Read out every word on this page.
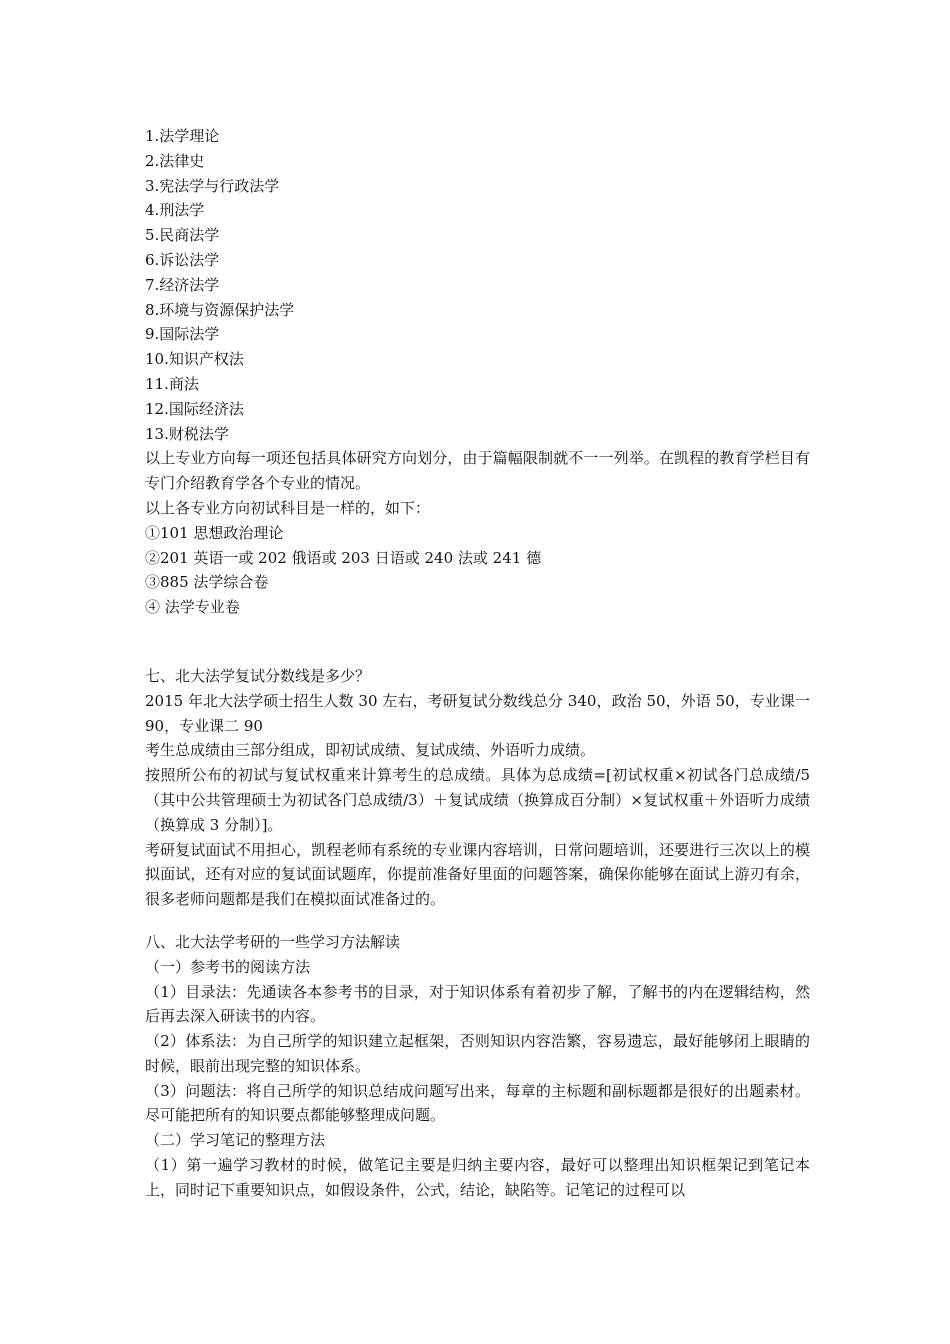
1.法学理论

2.法律史

3.宪法学与行政法学

4.刑法学

5.民商法学

6.诉讼法学

7.经济法学

8.环境与资源保护法学

9.国际法学

10.知识产权法

11.商法

12.国际经济法

13.财税法学

以上专业方向每一项还包括具体研究方向划分，由于篇幅限制就不一一列举。在凯程的教育学栏目有专门介绍教育学各个专业的情况。

以上各专业方向初试科目是一样的，如下：

①101 思想政治理论

②201 英语一或 202 俄语或 203 日语或 240 法或 241 德

③885 法学综合卷

④ 法学专业卷

七、北大法学复试分数线是多少？

2015 年北大法学硕士招生人数 30 左右，考研复试分数线总分 340，政治 50，外语 50，专业课一 90，专业课二 90

考生总成绩由三部分组成，即初试成绩、复试成绩、外语听力成绩。

按照所公布的初试与复试权重来计算考生的总成绩。具体为总成绩=[初试权重×初试各门总成绩/5（其中公共管理硕士为初试各门总成绩/3）＋复试成绩（换算成百分制）×复试权重＋外语听力成绩（换算成 3 分制）]。

考研复试面试不用担心，凯程老师有系统的专业课内容培训，日常问题培训，还要进行三次以上的模拟面试，还有对应的复试面试题库，你提前准备好里面的问题答案，确保你能够在面试上游刃有余，很多老师问题都是我们在模拟面试准备过的。

八、北大法学考研的一些学习方法解读

（一）参考书的阅读方法

（1）目录法：先通读各本参考书的目录，对于知识体系有着初步了解，了解书的内在逻辑结构，然后再去深入研读书的内容。

（2）体系法：为自己所学的知识建立起框架，否则知识内容浩繁，容易遗忘，最好能够闭上眼睛的时候，眼前出现完整的知识体系。

（3）问题法：将自己所学的知识总结成问题写出来，每章的主标题和副标题都是很好的出题素材。尽可能把所有的知识要点都能够整理成问题。

（二）学习笔记的整理方法

（1）第一遍学习教材的时候，做笔记主要是归纳主要内容，最好可以整理出知识框架记到笔记本上，同时记下重要知识点，如假设条件，公式，结论，缺陷等。记笔记的过程可以
